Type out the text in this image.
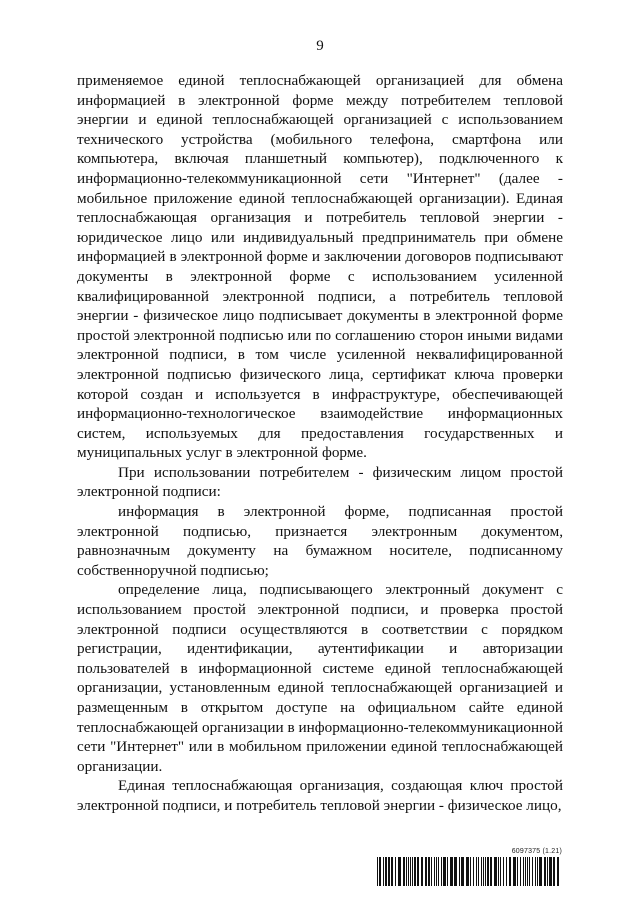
9

применяемое единой теплоснабжающей организацией для обмена информацией в электронной форме между потребителем тепловой энергии и единой теплоснабжающей организацией с использованием технического устройства (мобильного телефона, смартфона или компьютера, включая планшетный компьютер), подключенного к информационно-телекоммуникационной сети "Интернет" (далее - мобильное приложение единой теплоснабжающей организации). Единая теплоснабжающая организация и потребитель тепловой энергии - юридическое лицо или индивидуальный предприниматель при обмене информацией в электронной форме и заключении договоров подписывают документы в электронной форме с использованием усиленной квалифицированной электронной подписи, а потребитель тепловой энергии - физическое лицо подписывает документы в электронной форме простой электронной подписью или по соглашению сторон иными видами электронной подписи, в том числе усиленной неквалифицированной электронной подписью физического лица, сертификат ключа проверки которой создан и используется в инфраструктуре, обеспечивающей информационно-технологическое взаимодействие информационных систем, используемых для предоставления государственных и муниципальных услуг в электронной форме.

При использовании потребителем - физическим лицом простой электронной подписи:

информация в электронной форме, подписанная простой электронной подписью, признается электронным документом, равнозначным документу на бумажном носителе, подписанному собственноручной подписью;

определение лица, подписывающего электронный документ с использованием простой электронной подписи, и проверка простой электронной подписи осуществляются в соответствии с порядком регистрации, идентификации, аутентификации и авторизации пользователей в информационной системе единой теплоснабжающей организации, установленным единой теплоснабжающей организацией и размещенным в открытом доступе на официальном сайте единой теплоснабжающей организации в информационно-телекоммуникационной сети "Интернет" или в мобильном приложении единой теплоснабжающей организации.

Единая теплоснабжающая организация, создающая ключ простой электронной подписи, и потребитель тепловой энергии - физическое лицо,

6097375 (1.21)
